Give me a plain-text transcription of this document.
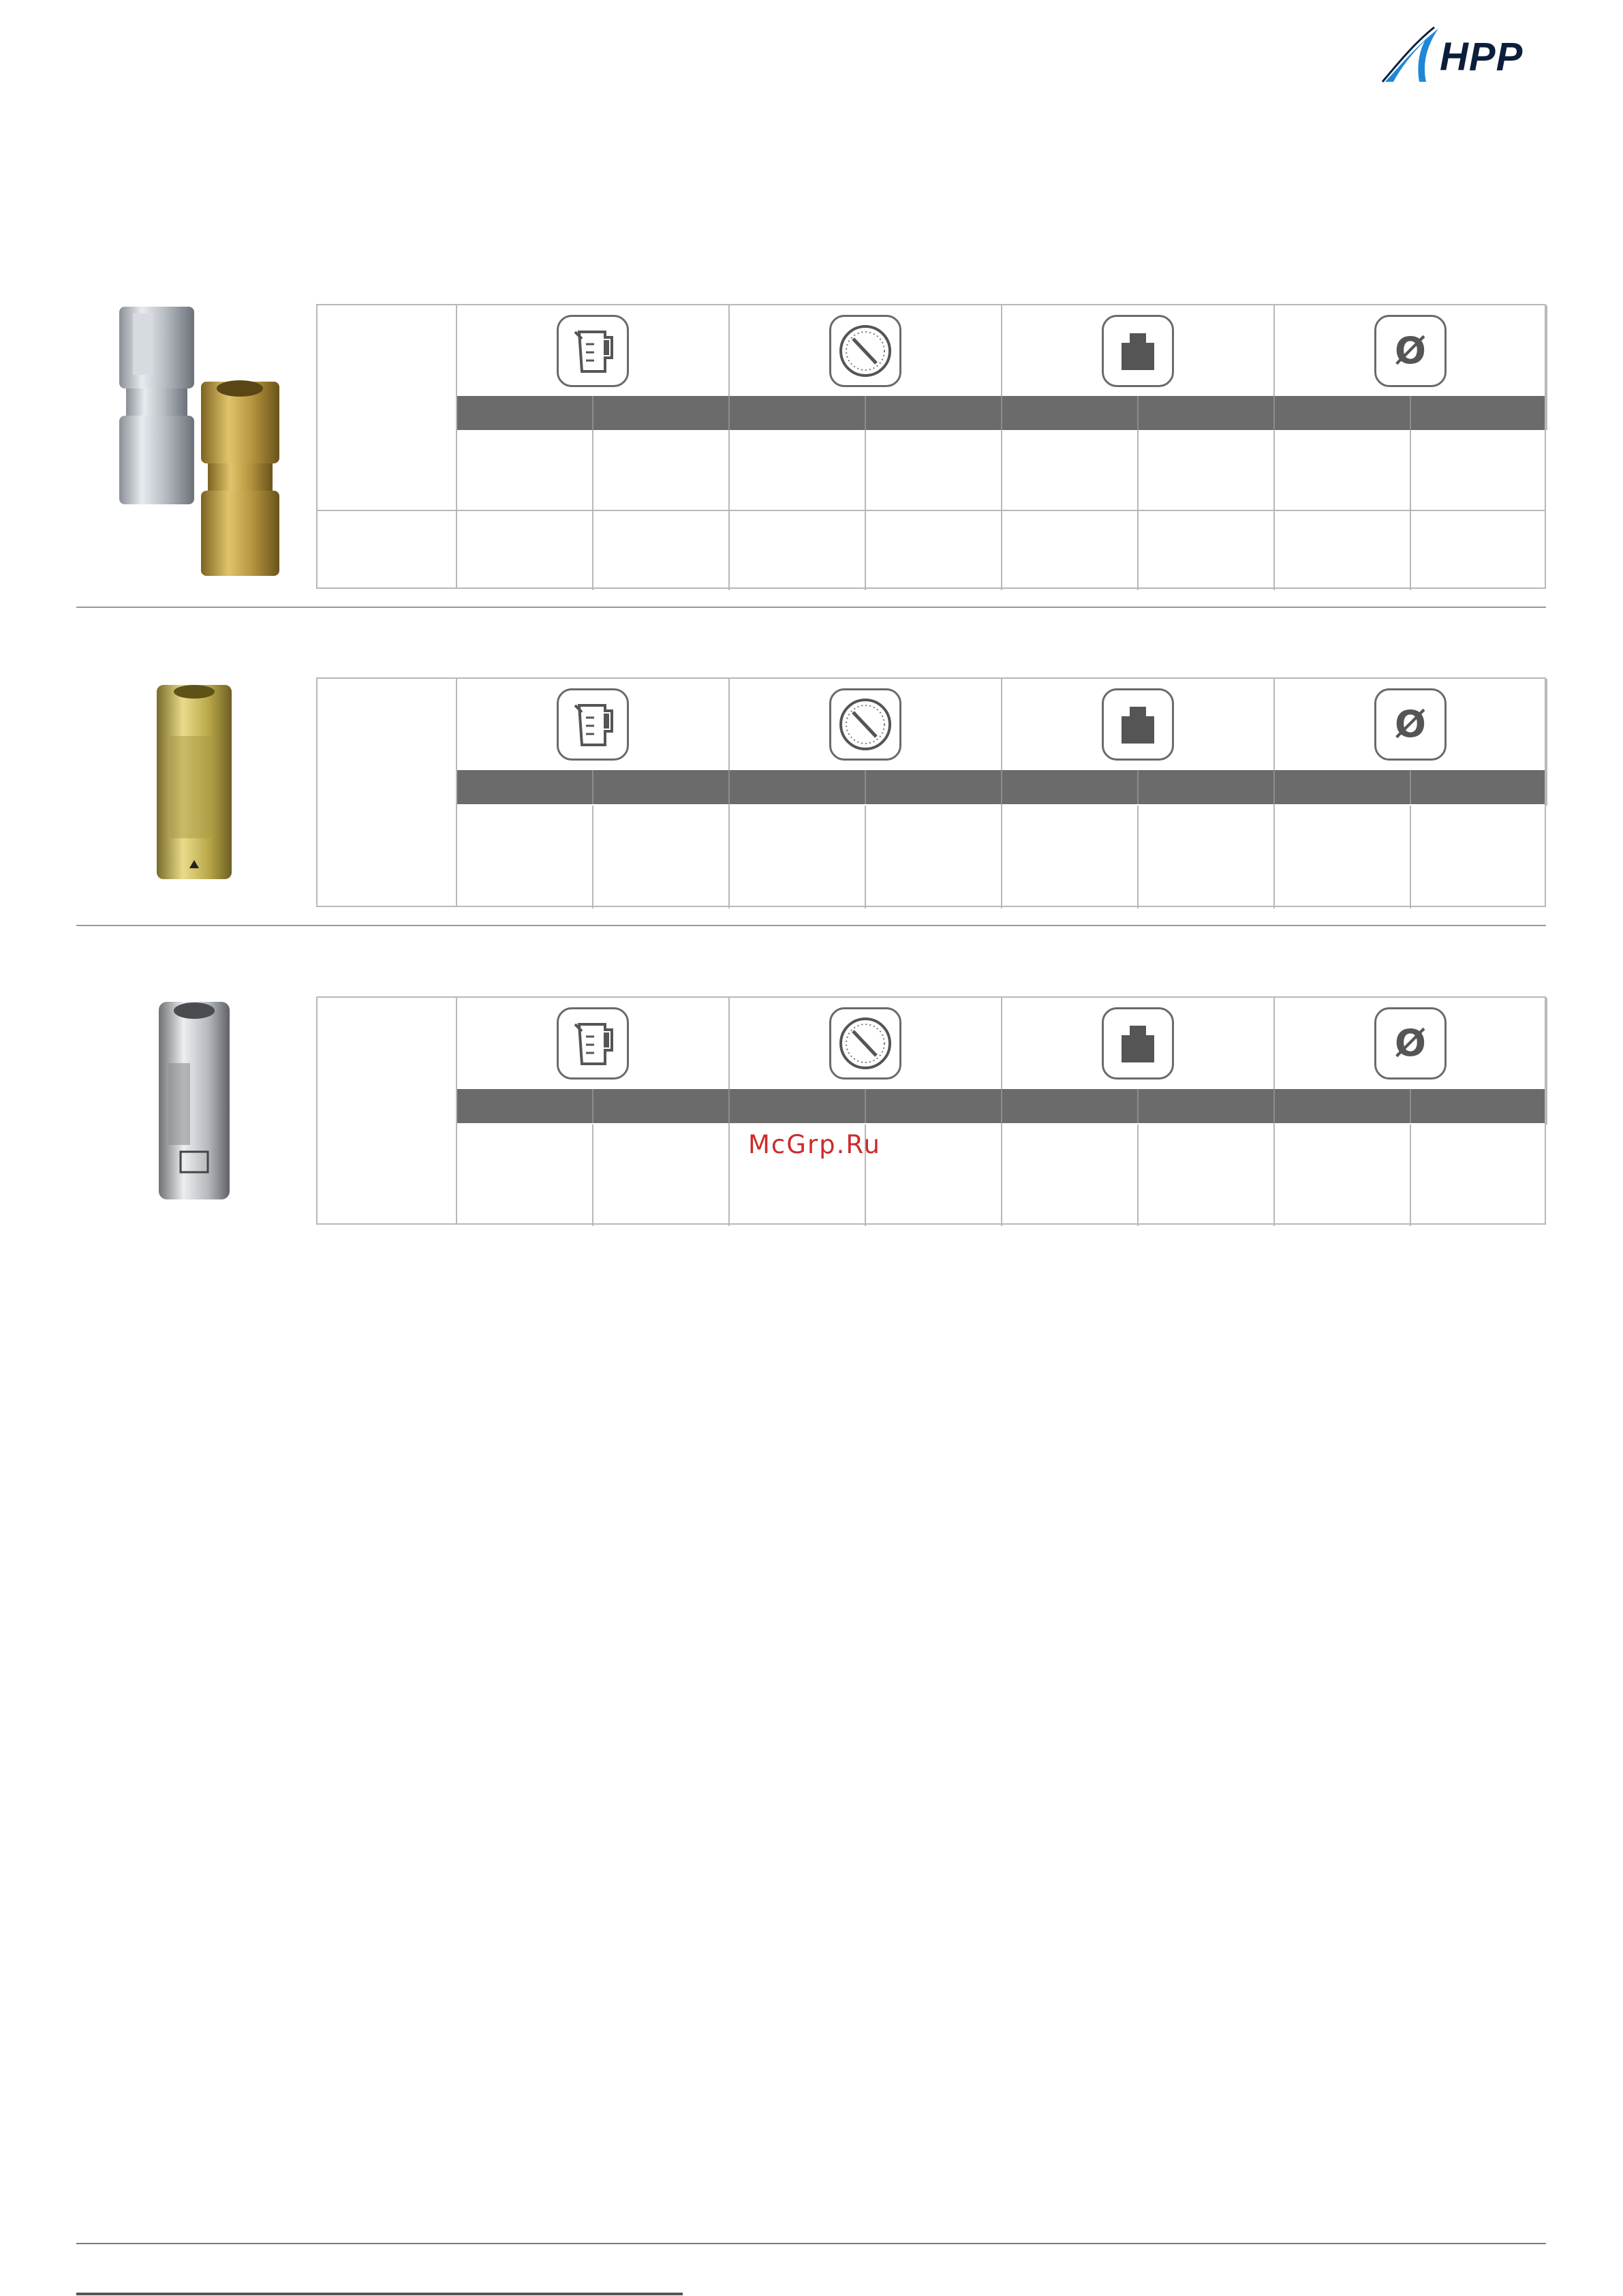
HPP
Ø
Ø
Ø
McGrp.Ru
